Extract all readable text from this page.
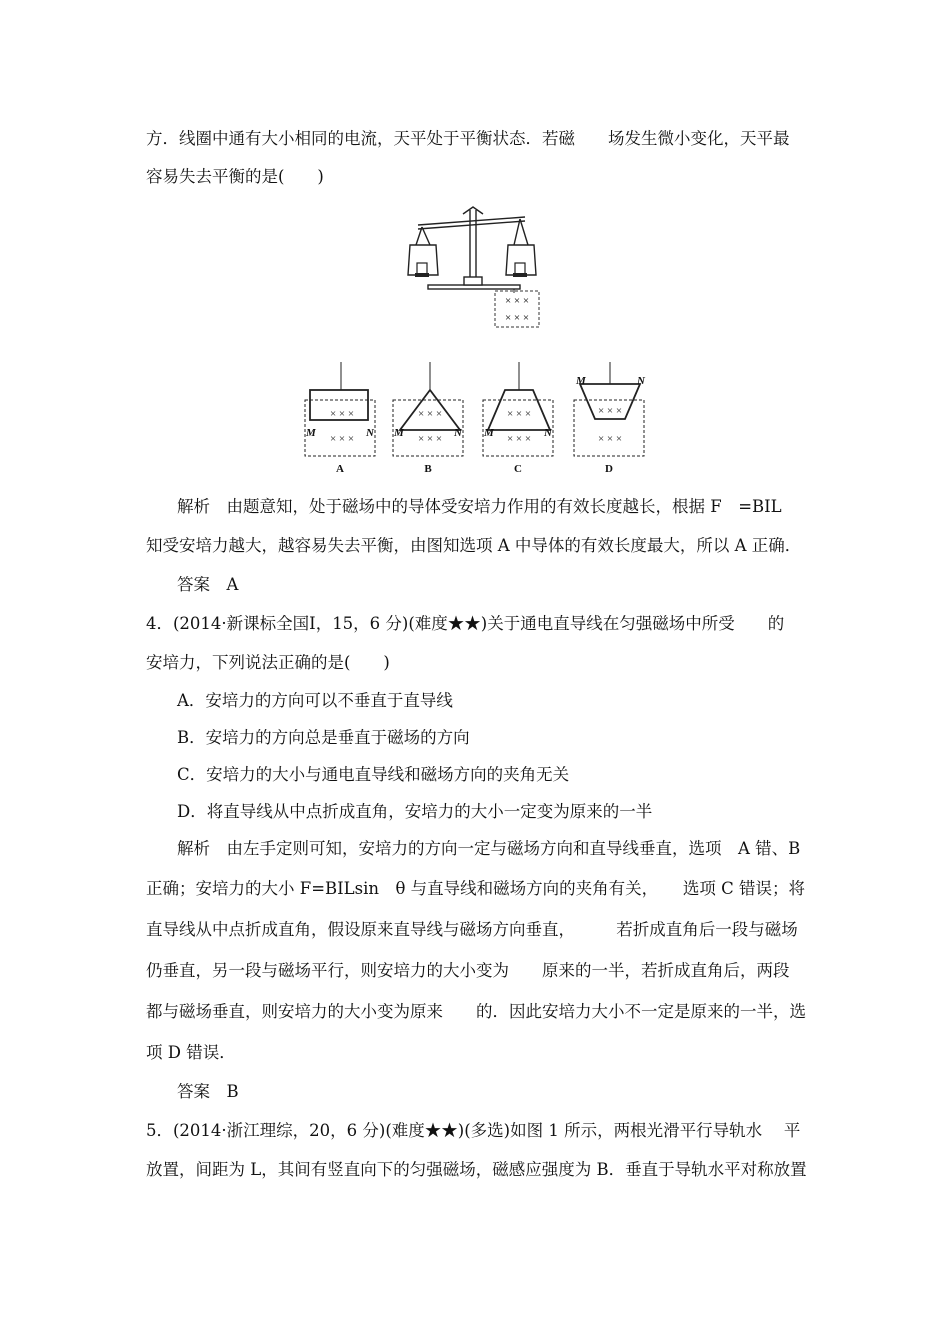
方．线圈中通有大小相同的电流，天平处于平衡状态．若磁　　场发生微小变化，天平最
容易失去平衡的是(　　)
× × ×
× × ×
× × ×
× × ×
× × ×
× × ×
× × ×
× × ×
× × ×
× × ×
M	N M	N M	N
M	N
A	B	C	D
解析　由题意知，处于磁场中的导体受安培力作用的有效长度越长，根据 F　=BIL
知受安培力越大，越容易失去平衡，由图知选项 A 中导体的有效长度最大，所以 A 正确．
答案　A
4．(2014·新课标全国Ⅰ，15，6 分)(难度★★)关于通电直导线在匀强磁场中所受　　的
安培力，下列说法正确的是(　　)
A．安培力的方向可以不垂直于直导线
B．安培力的方向总是垂直于磁场的方向
C．安培力的大小与通电直导线和磁场方向的夹角无关
D．将直导线从中点折成直角，安培力的大小一定变为原来的一半
解析　由左手定则可知，安培力的方向一定与磁场方向和直导线垂直，选项　A 错、B
正确；安培力的大小 F=BILsin　θ 与直导线和磁场方向的夹角有关，　　选项 C 错误；将
直导线从中点折成直角，假设原来直导线与磁场方向垂直，　　　若折成直角后一段与磁场
仍垂直，另一段与磁场平行，则安培力的大小变为　　原来的一半，若折成直角后，两段
都与磁场垂直，则安培力的大小变为原来　　的．因此安培力大小不一定是原来的一半，选
项 D 错误．
答案　B
5．(2014·浙江理综，20，6 分)(难度★★)(多选)如图 1 所示，两根光滑平行导轨水　 平
放置，间距为 L，其间有竖直向下的匀强磁场，磁感应强度为 B．垂直于导轨水平对称放置
